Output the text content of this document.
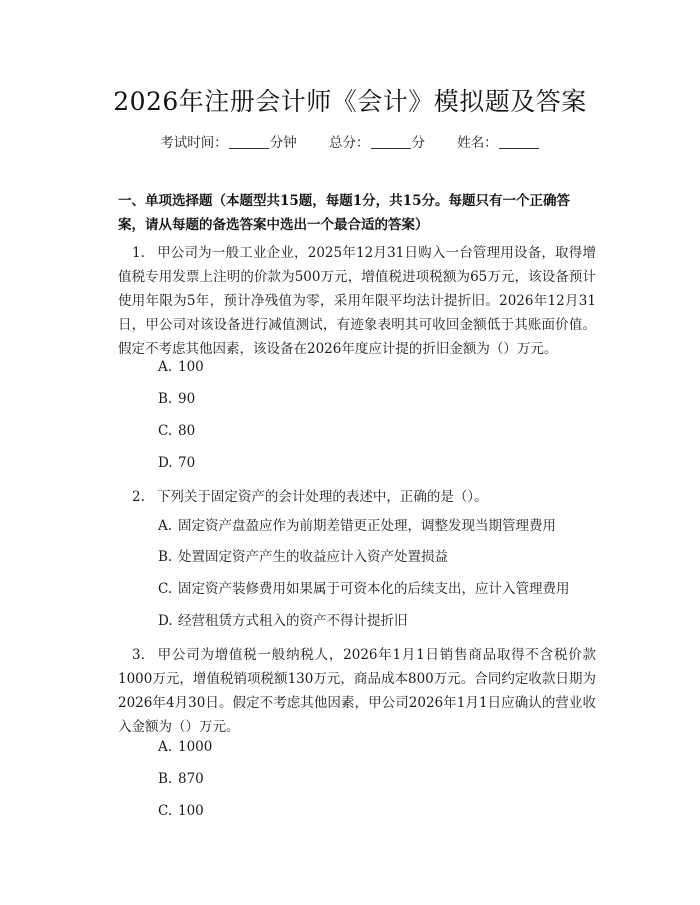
2026年注册会计师《会计》模拟题及答案
考试时间：	分钟 总分：	分 姓名：
一、单项选择题（本题型共15题，每题1分，共15分。每题只有一个正确答案，请从每题的备选答案中选出一个最合适的答案）
1. 甲公司为一般工业企业，2025年12月31日购入一台管理用设备，取得增值税专用发票上注明的价款为500万元，增值税进项税额为65万元，该设备预计使用年限为5年，预计净残值为零，采用年限平均法计提折旧。2026年12月31日，甲公司对该设备进行减值测试，有迹象表明其可收回金额低于其账面价值。假定不考虑其他因素，该设备在2026年度应计提的折旧金额为（）万元。
A. 100
B. 90
C. 80
D. 70
2. 下列关于固定资产的会计处理的表述中，正确的是（）。
A. 固定资产盘盈应作为前期差错更正处理，调整发现当期管理费用
B. 处置固定资产产生的收益应计入资产处置损益
C. 固定资产装修费用如果属于可资本化的后续支出，应计入管理费用
D. 经营租赁方式租入的资产不得计提折旧
3. 甲公司为增值税一般纳税人，2026年1月1日销售商品取得不含税价款1000万元，增值税销项税额130万元，商品成本800万元。合同约定收款日期为2026年4月30日。假定不考虑其他因素，甲公司2026年1月1日应确认的营业收入金额为（）万元。
A. 1000
B. 870
C. 100
